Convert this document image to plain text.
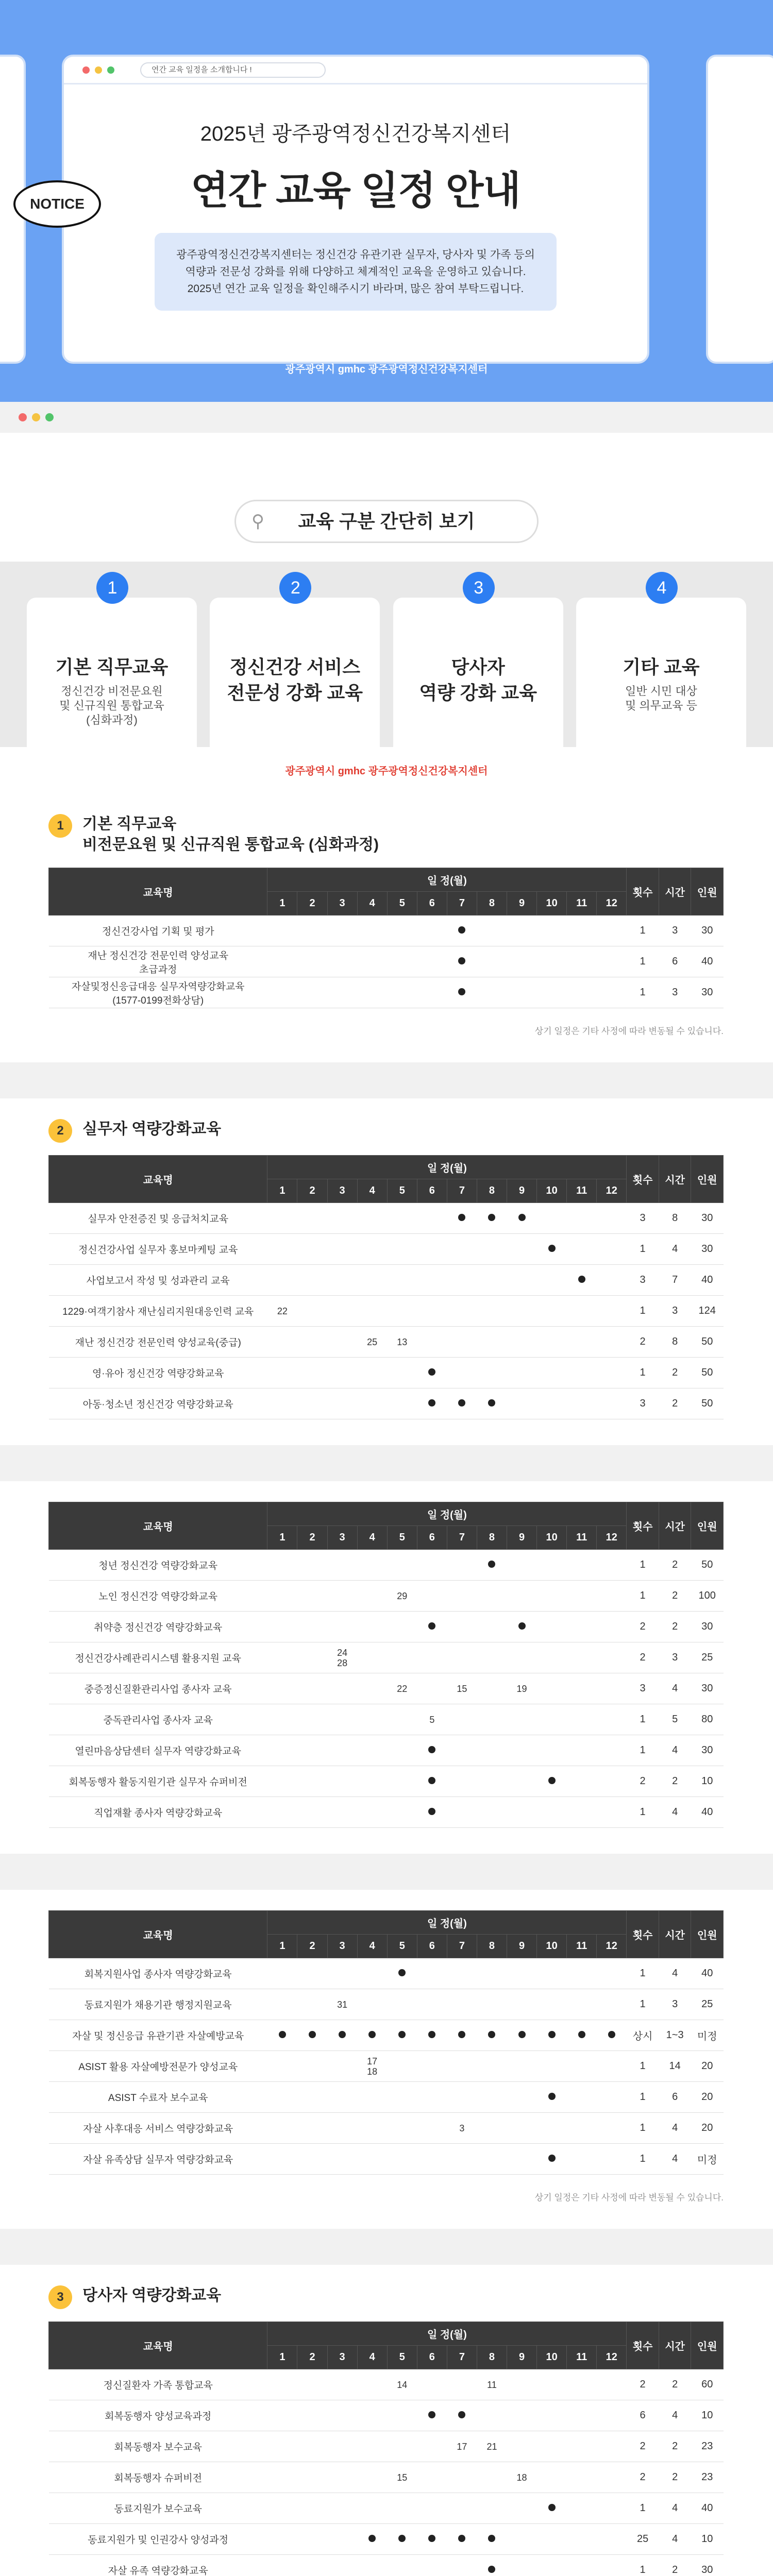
연간 교육 일정을 소개합니다 !
2025년 광주광역정신건강복지센터
연간 교육 일정 안내
광주광역정신건강복지센터는 정신건강 유관기관 실무자, 당사자 및 가족 등의
역량과 전문성 강화를 위해 다양하고 체계적인 교육을 운영하고 있습니다.
2025년 연간 교육 일정을 확인해주시기 바라며, 많은 참여 부탁드립니다.
NOTICE
광주광역시 gmhc 광주광역정신건강복지센터
⚲ 교육 구분 간단히 보기
1
기본 직무교육
정신건강 비전문요원
및 신규직원 통합교육
(심화과정)
2
정신건강 서비스
전문성 강화 교육
3
당사자
역량 강화 교육
4
기타 교육
일반 시민 대상
및 의무교육 등
광주광역시 gmhc 광주광역정신건강복지센터
1	기본 직무교육
비전문요원 및 신규직원 통합교육 (심화과정)
교육명	일 정(월)												횟수	시간	인원
	1	2	3	4	5	6	7	8	9	10	11	12			
정신건강사업 기획 및 평가													1	3	30
재난 정신건강 전문인력 양성교육
초급과정													1	6	40
자살및정신응급대응 실무자역량강화교육
(1577-0199전화상담)													1	3	30
상기 일정은 기타 사정에 따라 변동될 수 있습니다.
2	실무자 역량강화교육
교육명	일 정(월)												횟수	시간	인원
	1	2	3	4	5	6	7	8	9	10	11	12			
실무자 안전증진 및 응급처치교육													3	8	30
정신건강사업 실무자 홍보마케팅 교육													1	4	30
사업보고서 작성 및 성과관리 교육													3	7	40
1229·여객기참사 재난심리지원대응인력 교육	22												1	3	124
재난 정신건강 전문인력 양성교육(중급)				25	13								2	8	50
영·유아 정신건강 역량강화교육													1	2	50
아동·청소년 정신건강 역량강화교육													3	2	50
교육명	일 정(월)												횟수	시간	인원
	1	2	3	4	5	6	7	8	9	10	11	12			
청년 정신건강 역량강화교육													1	2	50
노인 정신건강 역량강화교육					29								1	2	100
취약층 정신건강 역량강화교육													2	2	30
정신건강사례관리시스템 활용지원 교육			24
28										2	3	25
중증정신질환관리사업 종사자 교육					22		15		19				3	4	30
중독관리사업 종사자 교육						5							1	5	80
열린마음상담센터 실무자 역량강화교육													1	4	30
회복동행자 활동지원기관 실무자 슈퍼비전													2	2	10
직업재활 종사자 역량강화교육													1	4	40
교육명	일 정(월)												횟수	시간	인원
	1	2	3	4	5	6	7	8	9	10	11	12			
회복지원사업 종사자 역량강화교육													1	4	40
동료지원가 채용기관 행정지원교육			31										1	3	25
자살 및 정신응급 유관기관 자살예방교육													상시	1~3	미정
ASIST 활용 자살예방전문가 양성교육				17
18									1	14	20
ASIST 수료자 보수교육													1	6	20
자살 사후대응 서비스 역량강화교육							3						1	4	20
자살 유족상담 실무자 역량강화교육													1	4	미정
상기 일정은 기타 사정에 따라 변동될 수 있습니다.
3	당사자 역량강화교육
교육명	일 정(월)												횟수	시간	인원
	1	2	3	4	5	6	7	8	9	10	11	12			
정신질환자 가족 통합교육					14			11					2	2	60
회복동행자 양성교육과정													6	4	10
회복동행자 보수교육							17	21					2	2	23
회복동행자 슈퍼비전					15				18				2	2	23
동료지원가 보수교육													1	4	40
동료지원가 및 인권강사 양성과정													25	4	10
자살 유족 역량강화교육													1	2	30
